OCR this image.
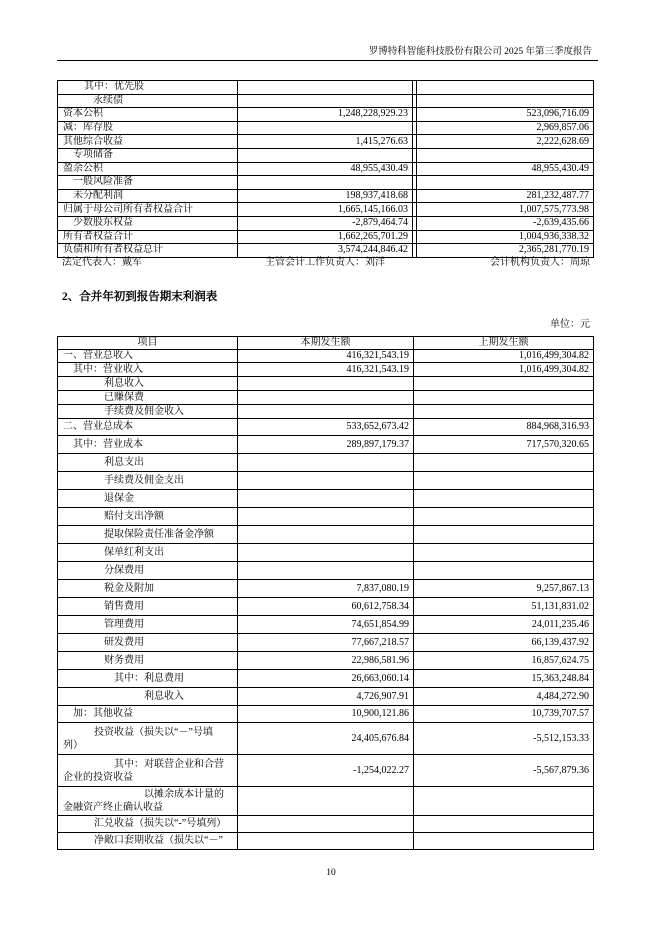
罗博特科智能科技股份有限公司 2025 年第三季度报告
其中：优先股			
永续债			
资本公积	1,248,228,929.23		523,096,716.09
减：库存股			2,969,857.06
其他综合收益	1,415,276.63		2,222,628.69
专项储备			
盈余公积	48,955,430.49		48,955,430.49
一般风险准备			
未分配利润	198,937,418.68		281,232,487.77
归属于母公司所有者权益合计	1,665,145,166.03		1,007,575,773.98
少数股东权益	-2,879,464.74		-2,639,435.66
所有者权益合计	1,662,265,701.29		1,004,936,338.32
负债和所有者权益总计	3,574,244,846.42		2,365,281,770.19
法定代表人：戴军	主管会计工作负责人：刘洋	会计机构负责人：周琼
2、合并年初到报告期末利润表
单位：元
项目	本期发生额	上期发生额
一、营业总收入	416,321,543.19	1,016,499,304.82
其中：营业收入	416,321,543.19	1,016,499,304.82
利息收入		
已赚保费		
手续费及佣金收入		
二、营业总成本	533,652,673.42	884,968,316.93
其中：营业成本	289,897,179.37	717,570,320.65
利息支出		
手续费及佣金支出		
退保金		
赔付支出净额		
提取保险责任准备金净额		
保单红利支出		
分保费用		
税金及附加	7,837,080.19	9,257,867.13
销售费用	60,612,758.34	51,131,831.02
管理费用	74,651,854.99	24,011,235.46
研发费用	77,667,218.57	66,139,437.92
财务费用	22,986,581.96	16,857,624.75
其中：利息费用	26,663,060.14	15,363,248.84
利息收入	4,726,907.91	4,484,272.90
加：其他收益	10,900,121.86	10,739,707.57

投资收益（损失以“－”号填
列）	24,405,676.84	-5,512,153.33

其中：对联营企业和合营
企业的投资收益	-1,254,022.27	-5,567,879.36

以摊余成本计量的
金融资产终止确认收益		

汇兑收益（损失以“-”号填列）		
净敞口套期收益（损失以“－”		
10
